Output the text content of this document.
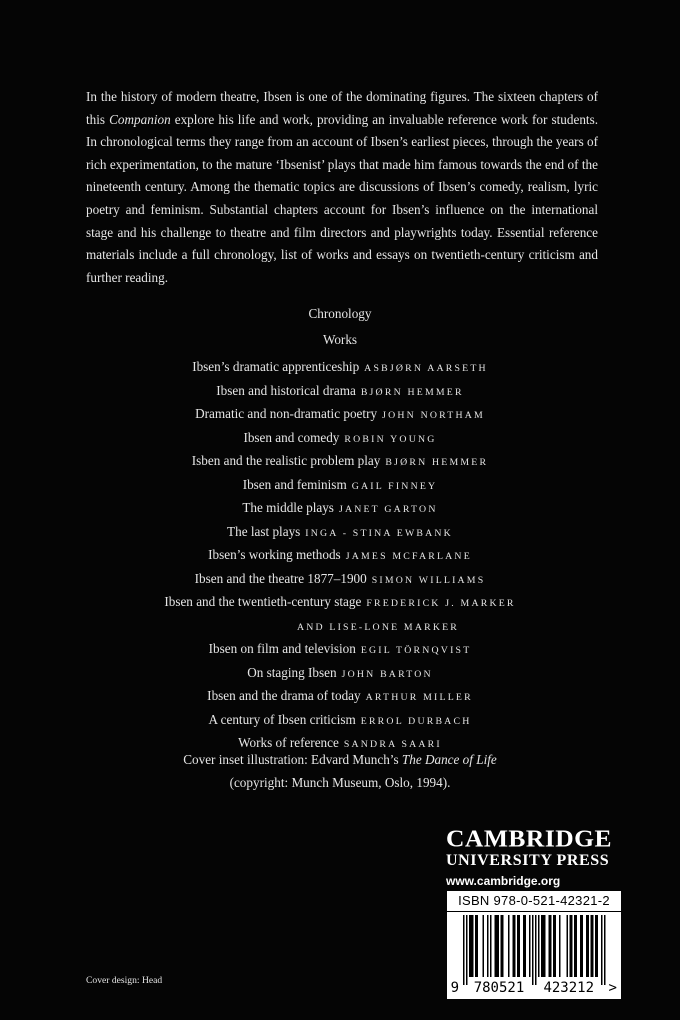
In the history of modern theatre, Ibsen is one of the dominating figures. The sixteen chapters of this Companion explore his life and work, providing an invaluable reference work for students. In chronological terms they range from an account of Ibsen’s earliest pieces, through the years of rich experimentation, to the mature ‘Ibsenist’ plays that made him famous towards the end of the nineteenth century. Among the thematic topics are discussions of Ibsen’s comedy, realism, lyric poetry and feminism. Substantial chapters account for Ibsen’s influence on the international stage and his challenge to theatre and film directors and playwrights today. Essential reference materials include a full chronology, list of works and essays on twentieth-century criticism and further reading.

Chronology
Works
Ibsen’s dramatic apprenticeship ASBJØRN AARSETH
Ibsen and historical drama BJØRN HEMMER
Dramatic and non-dramatic poetry JOHN NORTHAM
Ibsen and comedy ROBIN YOUNG
Isben and the realistic problem play BJØRN HEMMER
Ibsen and feminism GAIL FINNEY
The middle plays JANET GARTON
The last plays INGA - STINA EWBANK
Ibsen’s working methods JAMES MCFARLANE
Ibsen and the theatre 1877–1900 SIMON WILLIAMS
Ibsen and the twentieth-century stage FREDERICK J. MARKER
AND LISE-LONE MARKER
Ibsen on film and television EGIL TÖRNQVIST
On staging Ibsen JOHN BARTON
Ibsen and the drama of today ARTHUR MILLER
A century of Ibsen criticism ERROL DURBACH
Works of reference SANDRA SAARI
Cover inset illustration: Edvard Munch’s The Dance of Life
(copyright: Munch Museum, Oslo, 1994).
CAMBRIDGE
UNIVERSITY PRESS
www.cambridge.org
ISBN 978-0-521-42321-2
9 780521 423212 >
Cover design: Head
